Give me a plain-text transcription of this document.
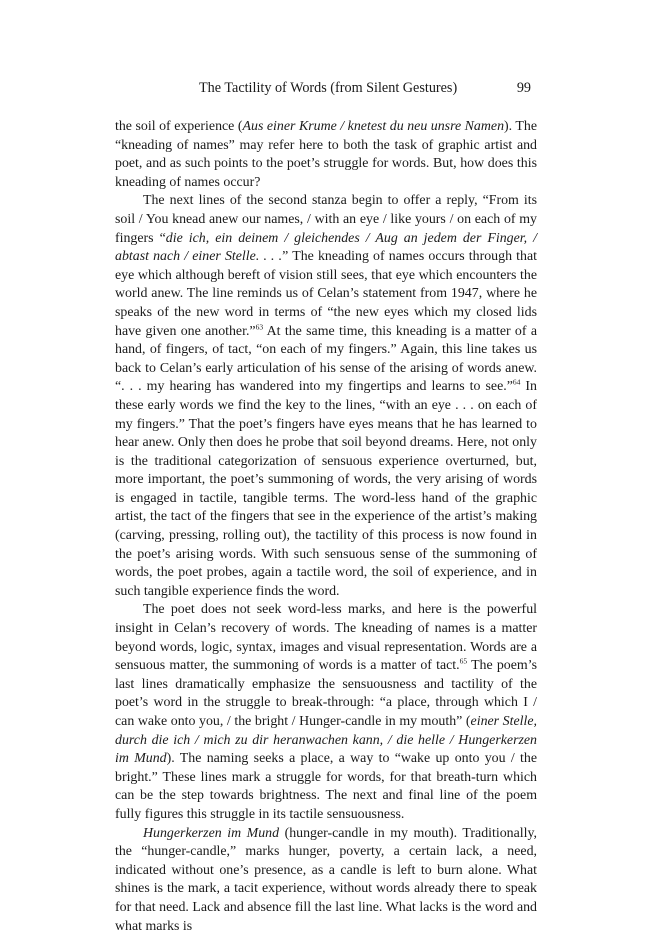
The Tactility of Words (from Silent Gestures)	99

the soil of experience (Aus einer Krume / knetest du neu unsre Namen). The “kneading of names” may refer here to both the task of graphic artist and poet, and as such points to the poet’s struggle for words. But, how does this kneading of names occur?

The next lines of the second stanza begin to offer a reply, “From its soil / You knead anew our names, / with an eye / like yours / on each of my fingers “die ich, ein deinem / gleichendes / Aug an jedem der Finger, / abtast nach / einer Stelle. . . .” The kneading of names occurs through that eye which although bereft of vision still sees, that eye which encounters the world anew. The line reminds us of Celan’s statement from 1947, where he speaks of the new word in terms of “the new eyes which my closed lids have given one another.”$^{63}$ At the same time, this kneading is a matter of a hand, of fingers, of tact, “on each of my fingers.” Again, this line takes us back to Celan’s early articulation of his sense of the arising of words anew. “. . . my hearing has wandered into my fingertips and learns to see.”$^{64}$ In these early words we find the key to the lines, “with an eye . . . on each of my fingers.” That the poet’s fingers have eyes means that he has learned to hear anew. Only then does he probe that soil beyond dreams. Here, not only is the traditional categorization of sensuous experience overturned, but, more important, the poet’s summoning of words, the very arising of words is engaged in tactile, tangible terms. The word-less hand of the graphic artist, the tact of the fingers that see in the experience of the artist’s making (carving, pressing, rolling out), the tactility of this process is now found in the poet’s arising words. With such sensuous sense of the summoning of words, the poet probes, again a tactile word, the soil of experience, and in such tangible experience finds the word.

The poet does not seek word-less marks, and here is the powerful insight in Celan’s recovery of words. The kneading of names is a matter beyond words, logic, syntax, images and visual representation. Words are a sensuous matter, the summoning of words is a matter of tact.$^{65}$ The poem’s last lines dramatically emphasize the sensuousness and tactility of the poet’s word in the struggle to break-through: “a place, through which I / can wake onto you, / the bright / Hunger-candle in my mouth” (einer Stelle, durch die ich / mich zu dir heranwachen kann, / die helle / Hungerkerzen im Mund). The naming seeks a place, a way to “wake up onto you / the bright.” These lines mark a struggle for words, for that breath-turn which can be the step towards brightness. The next and final line of the poem fully figures this struggle in its tactile sensuousness.

Hungerkerzen im Mund (hunger-candle in my mouth). Traditionally, the “hunger-candle,” marks hunger, poverty, a certain lack, a need, indicated without one’s presence, as a candle is left to burn alone. What shines is the mark, a tacit experience, without words already there to speak for that need. Lack and absence fill the last line. What lacks is the word and what marks is
